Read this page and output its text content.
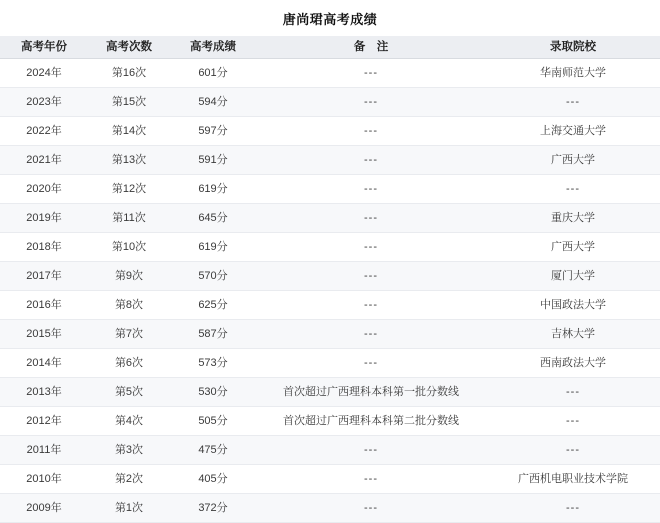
唐尚珺高考成绩
高考年份	高考次数	高考成绩	备　注	录取院校
2024年	第16次	601分	---	华南师范大学
2023年	第15次	594分	---	---
2022年	第14次	597分	---	上海交通大学
2021年	第13次	591分	---	广西大学
2020年	第12次	619分	---	---
2019年	第11次	645分	---	重庆大学
2018年	第10次	619分	---	广西大学
2017年	第9次	570分	---	厦门大学
2016年	第8次	625分	---	中国政法大学
2015年	第7次	587分	---	吉林大学
2014年	第6次	573分	---	西南政法大学
2013年	第5次	530分	首次超过广西理科本科第一批分数线	---
2012年	第4次	505分	首次超过广西理科本科第二批分数线	---
2011年	第3次	475分	---	---
2010年	第2次	405分	---	广西机电职业技术学院
2009年	第1次	372分	---	---
